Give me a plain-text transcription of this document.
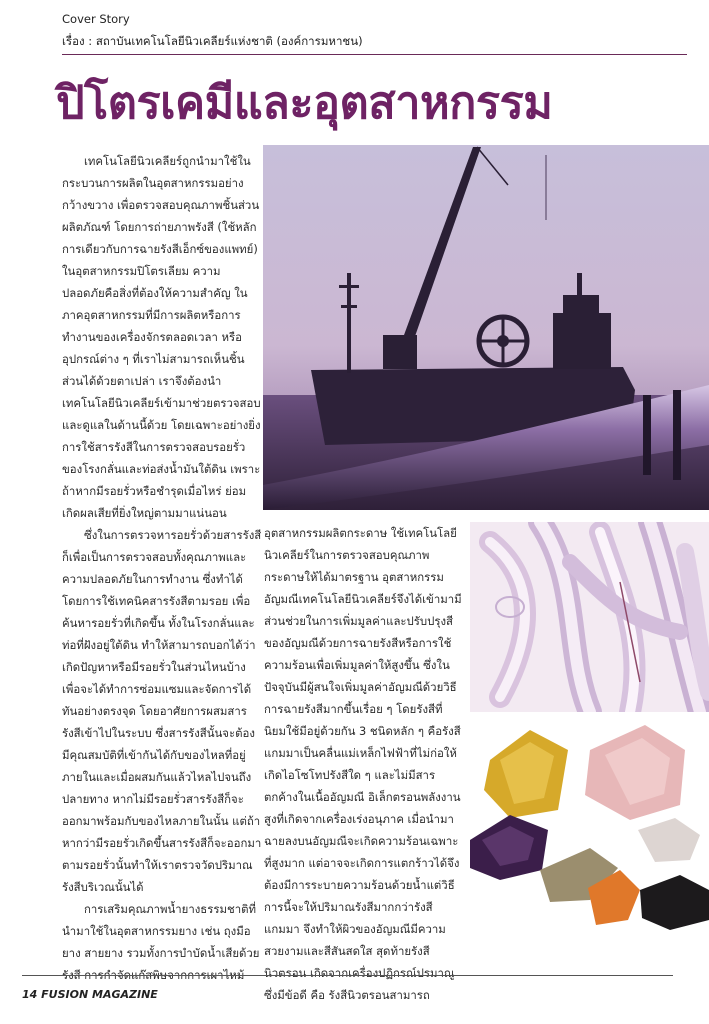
Cover Story
เรื่อง : สถาบันเทคโนโลยีนิวเคลียร์แห่งชาติ (องค์การมหาชน)
ปิโตรเคมีและอุตสาหกรรม

เทคโนโลยีนิวเคลียร์ถูกนำมาใช้ในกระบวนการผลิตในอุตสาหกรรมอย่างกว้างขวาง เพื่อตรวจสอบคุณภาพชิ้นส่วนผลิตภัณฑ์ โดยการถ่ายภาพรังสี (ใช้หลักการเดียวกับการฉายรังสีเอ็กซ์ของแพทย์) ในอุตสาหกรรมปิโตรเลียม ความปลอดภัยคือสิ่งที่ต้องให้ความสำคัญ ในภาคอุตสาหกรรมที่มีการผลิตหรือการทำงานของเครื่องจักรตลอดเวลา หรืออุปกรณ์ต่าง ๆ ที่เราไม่สามารถเห็นชิ้นส่วนได้ด้วยตาเปล่า เราจึงต้องนำเทคโนโลยีนิวเคลียร์เข้ามาช่วยตรวจสอบและดูแลในด้านนี้ด้วย โดยเฉพาะอย่างยิ่งการใช้สารรังสีในการตรวจสอบรอยรั่วของโรงกลั่นและท่อส่งน้ำมันใต้ดิน เพราะถ้าหากมีรอยรั่วหรือชำรุดเมื่อไหร่ ย่อมเกิดผลเสียที่ยิ่งใหญ่ตามมาแน่นอน

ซึ่งในการตรวจหารอยรั่วด้วยสารรังสีก็เพื่อเป็นการตรวจสอบทั้งคุณภาพและความปลอดภัยในการทำงาน ซึ่งทำได้โดยการใช้เทคนิคสารรังสีตามรอย เพื่อค้นหารอยรั่วที่เกิดขึ้น ทั้งในโรงกลั่นและท่อที่ฝังอยู่ใต้ดิน ทำให้สามารถบอกได้ว่าเกิดปัญหาหรือมีรอยรั่วในส่วนไหนบ้าง เพื่อจะได้ทำการซ่อมแซมและจัดการได้ทันอย่างตรงจุด โดยอาศัยการผสมสารรังสีเข้าไปในระบบ ซึ่งสารรังสีนั้นจะต้องมีคุณสมบัติที่เข้ากันได้กับของไหลที่อยู่ภายในและเมื่อผสมกันแล้วไหลไปจนถึงปลายทาง หากไม่มีรอยรั่วสารรังสีก็จะออกมาพร้อมกับของไหลภายในนั้น แต่ถ้าหากว่ามีรอยรั่วเกิดขึ้นสารรังสีก็จะออกมาตามรอยรั่วนั้นทำให้เราตรวจวัดปริมาณรังสีบริเวณนั้นได้

การเสริมคุณภาพน้ำยางธรรมชาติที่นำมาใช้ในอุตสาหกรรมยาง เช่น ถุงมือยาง สายยาง รวมทั้งการบำบัดน้ำเสียด้วยรังสี การกำจัดแก๊สพิษจากการเผาไหม้

อุตสาหกรรมผลิตกระดาษ ใช้เทคโนโลยีนิวเคลียร์ในการตรวจสอบคุณภาพกระดาษให้ได้มาตรฐาน อุตสาหกรรมอัญมณีเทคโนโลยีนิวเคลียร์จึงได้เข้ามามีส่วนช่วยในการเพิ่มมูลค่าและปรับปรุงสีของอัญมณีด้วยการฉายรังสีหรือการใช้ความร้อนเพื่อเพิ่มมูลค่าให้สูงขึ้น ซึ่งในปัจจุบันมีผู้สนใจเพิ่มมูลค่าอัญมณีด้วยวิธีการฉายรังสีมากขึ้นเรื่อย ๆ โดยรังสีที่นิยมใช้มีอยู่ด้วยกัน 3 ชนิดหลัก ๆ คือรังสีแกมมาเป็นคลื่นแม่เหล็กไฟฟ้าที่ไม่ก่อให้เกิดไอโซโทปรังสีใด ๆ และไม่มีสารตกค้างในเนื้ออัญมณี อิเล็กตรอนพลังงานสูงที่เกิดจากเครื่องเร่งอนุภาค เมื่อนำมาฉายลงบนอัญมณีจะเกิดความร้อนเฉพาะที่สูงมาก แต่อาจจะเกิดการแตกร้าวได้จึงต้องมีการระบายความร้อนด้วยน้ำแต่วิธีการนี้จะให้ปริมาณรังสีมากกว่ารังสีแกมมา จึงทำให้ผิวของอัญมณีมีความสวยงามและสีสันสดใส สุดท้ายรังสีนิวตรอน เกิดจากเครื่องปฏิกรณ์ปรมาณูซึ่งมีข้อดี คือ รังสีนิวตรอนสามารถ

14 FUSION MAGAZINE
